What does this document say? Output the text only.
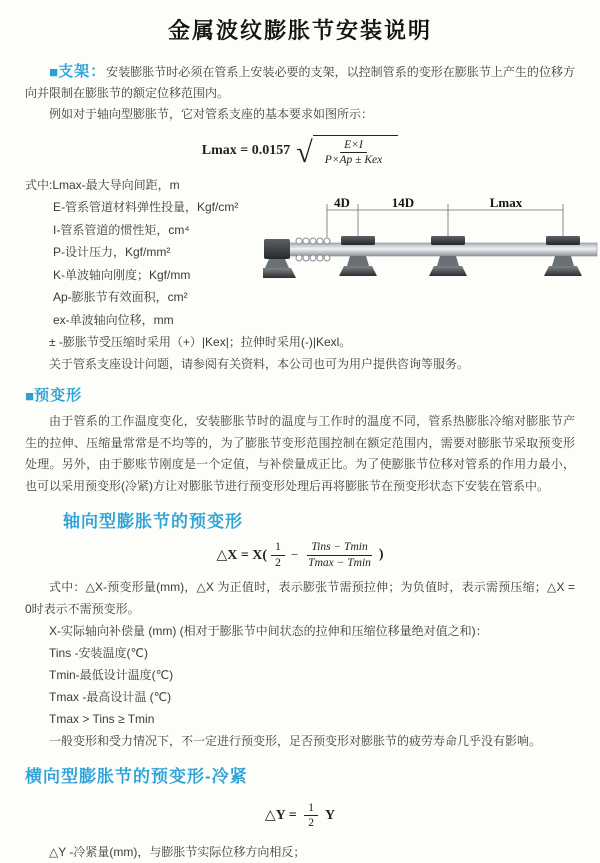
金属波纹膨胀节安装说明

■支架：安装膨胀节时必须在管系上安装必要的支架，以控制管系的变形在膨胀节上产生的位移方向并限制在膨胀节的额定位移范围内。

例如对于轴向型膨胀节，它对管系支座的基本要求如图所示：

Lmax = 0.0157 √ $\frac{E\times I}{\text{P×Ap ± Kex}}$

式中:Lmax-最大导向间距，m

E-管系管道材料弹性投量，Kgf/cm²

I-管系管道的惯性矩，cm⁴

P-设计压力，Kgf/mm²

K-单波轴向刚度；Kgf/mm

Ap-膨胀节有效面积，cm²

ex-单波轴向位移，mm

4D	14D	Lmax

± -膨胀节受压缩时采用（+）|Kex|；拉伸时采用(-)|Kexl。

关于管系支座设计问题，请参阅有关资料，本公司也可为用户提供咨询等服务。

■预变形

由于管系的工作温度变化，安装膨胀节时的温度与工作时的温度不同，管系热膨胀冷缩对膨胀节产生的拉伸、压缩量常常是不均等的，为了膨胀节变形范围控制在额定范围内，需要对膨胀节采取预变形处理。另外，由于膨账节刚度是一个定值，与补偿量成正比。为了使膨胀节位移对管系的作用力最小，也可以采用预变形(冷紧)方让对膨胀节进行预变形处理后再将膨胀节在预变形状态下安装在管系中。

轴向型膨胀节的预变形
△X = $X( \frac{1}{2} - \frac{\text{Tins − Tmin}}{Tmax - Tmin}$ )

式中：△X-预变形量(mm)，△X 为正值时，表示膨张节需预拉伸；为负值时，表示需预压缩；△X = 0时表示不需预变形。

X-实际轴向补偿量 (mm) (相对于膨胀节中间状态的拉伸和压缩位移量绝对值之和)：

Tins -安装温度(℃)

Tmin-最低设计温度(℃)

Tmax -最高设计温 (℃)

Tmax > Tins ≥ Tmin

一般变形和受力情况下，不一定进行预变形，足否预变形对膨胀节的疲劳寿命几乎没有影响。

横向型膨胀节的预变形-冷紧
△Y = $\frac{1}{2}$ Y

△Y -冷紧量(mm)，与膨胀节实际位移方向相反；
